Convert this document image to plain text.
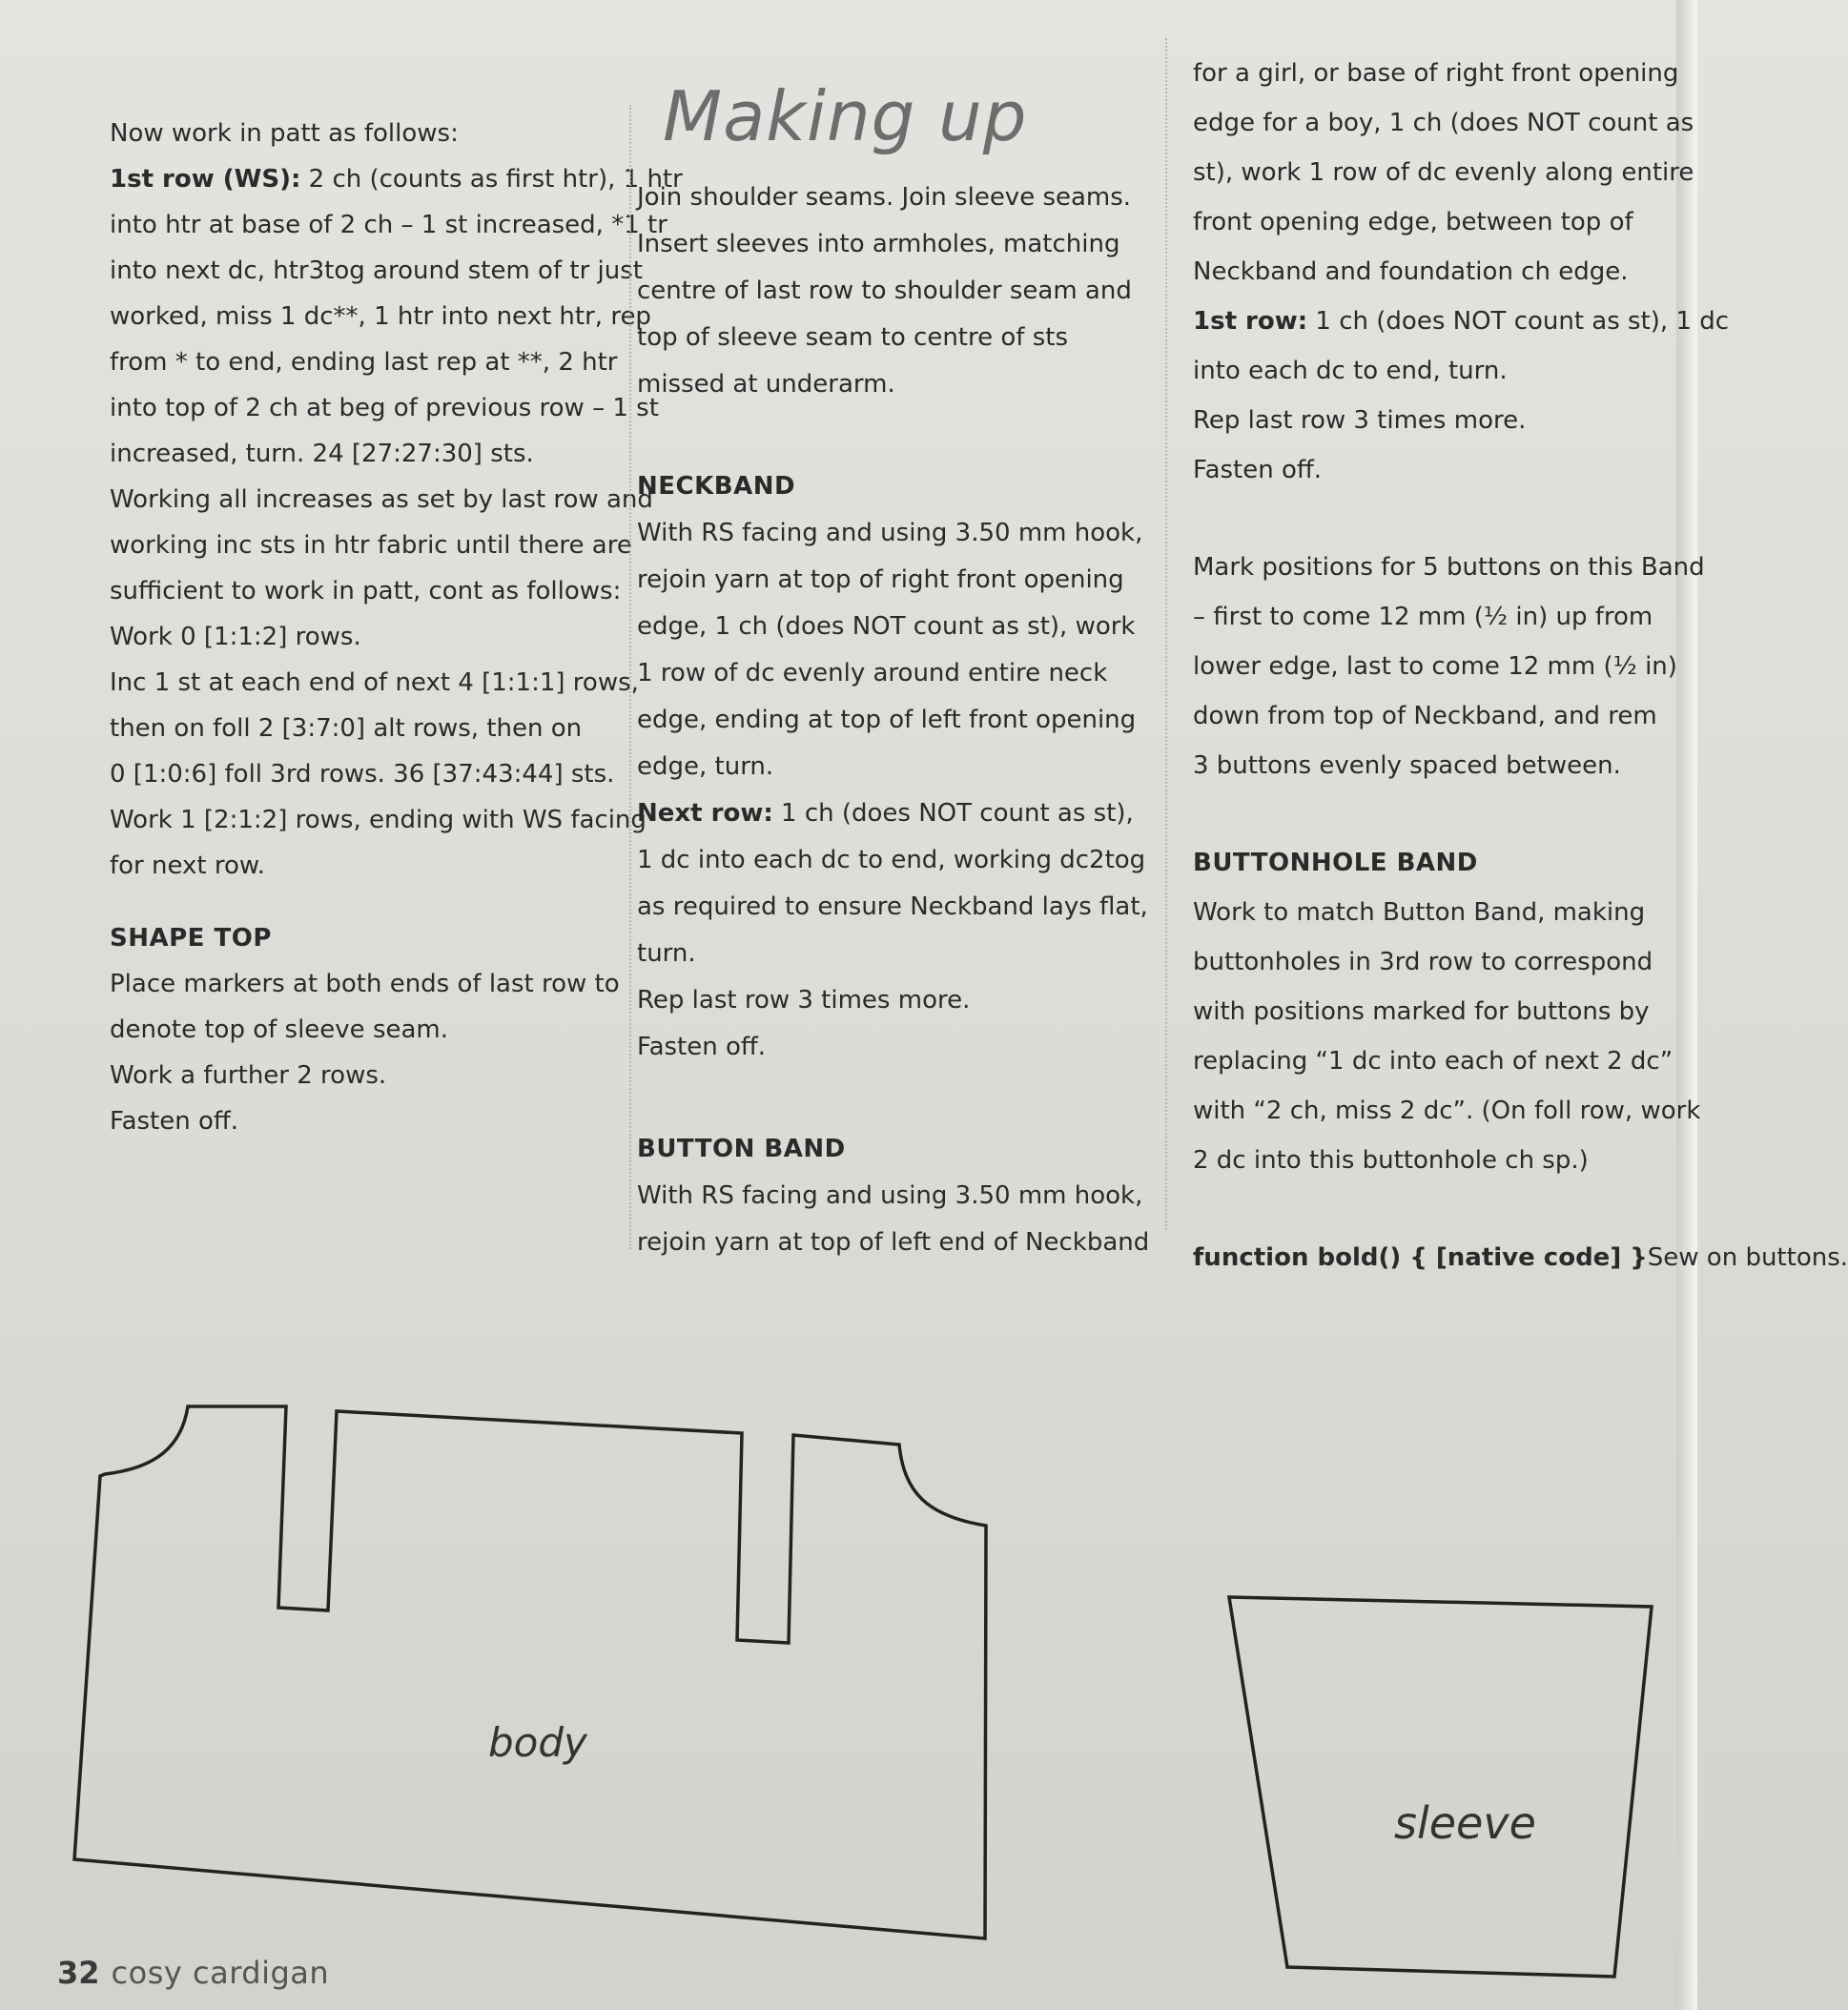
Now work in patt as follows:
1st row (WS): 2 ch (counts as first htr), 1 htr
into htr at base of 2 ch – 1 st increased, *1 tr
into next dc, htr3tog around stem of tr just
worked, miss 1 dc**, 1 htr into next htr, rep
from * to end, ending last rep at **, 2 htr
into top of 2 ch at beg of previous row – 1 st
increased, turn. 24 [27:27:30] sts.
Working all increases as set by last row and
working inc sts in htr fabric until there are
sufficient to work in patt, cont as follows:
Work 0 [1:1:2] rows.
Inc 1 st at each end of next 4 [1:1:1] rows,
then on foll 2 [3:7:0] alt rows, then on
0 [1:0:6] foll 3rd rows. 36 [37:43:44] sts.
Work 1 [2:1:2] rows, ending with WS facing
for next row.
SHAPE TOP
Place markers at both ends of last row to
denote top of sleeve seam.
Work a further 2 rows.
Fasten off.
Making up
Join shoulder seams. Join sleeve seams.
Insert sleeves into armholes, matching
centre of last row to shoulder seam and
top of sleeve seam to centre of sts
missed at underarm.
NECKBAND
With RS facing and using 3.50 mm hook,
rejoin yarn at top of right front opening
edge, 1 ch (does NOT count as st), work
1 row of dc evenly around entire neck
edge, ending at top of left front opening
edge, turn.
Next row: 1 ch (does NOT count as st),
1 dc into each dc to end, working dc2tog
as required to ensure Neckband lays flat,
turn.
Rep last row 3 times more.
Fasten off.
BUTTON BAND
With RS facing and using 3.50 mm hook,
rejoin yarn at top of left end of Neckband
for a girl, or base of right front opening
edge for a boy, 1 ch (does NOT count as
st), work 1 row of dc evenly along entire
front opening edge, between top of
Neckband and foundation ch edge.
1st row: 1 ch (does NOT count as st), 1 dc
into each dc to end, turn.
Rep last row 3 times more.
Fasten off.
Mark positions for 5 buttons on this Band
– first to come 12 mm (½ in) up from
lower edge, last to come 12 mm (½ in)
down from top of Neckband, and rem
3 buttons evenly spaced between.
BUTTONHOLE BAND
Work to match Button Band, making
buttonholes in 3rd row to correspond
with positions marked for buttons by
replacing “1 dc into each of next 2 dc”
with “2 ch, miss 2 dc”. (On foll row, work
2 dc into this buttonhole ch sp.)
function bold() { [native code] }Sew on buttons.
body
sleeve
32 cosy cardigan
